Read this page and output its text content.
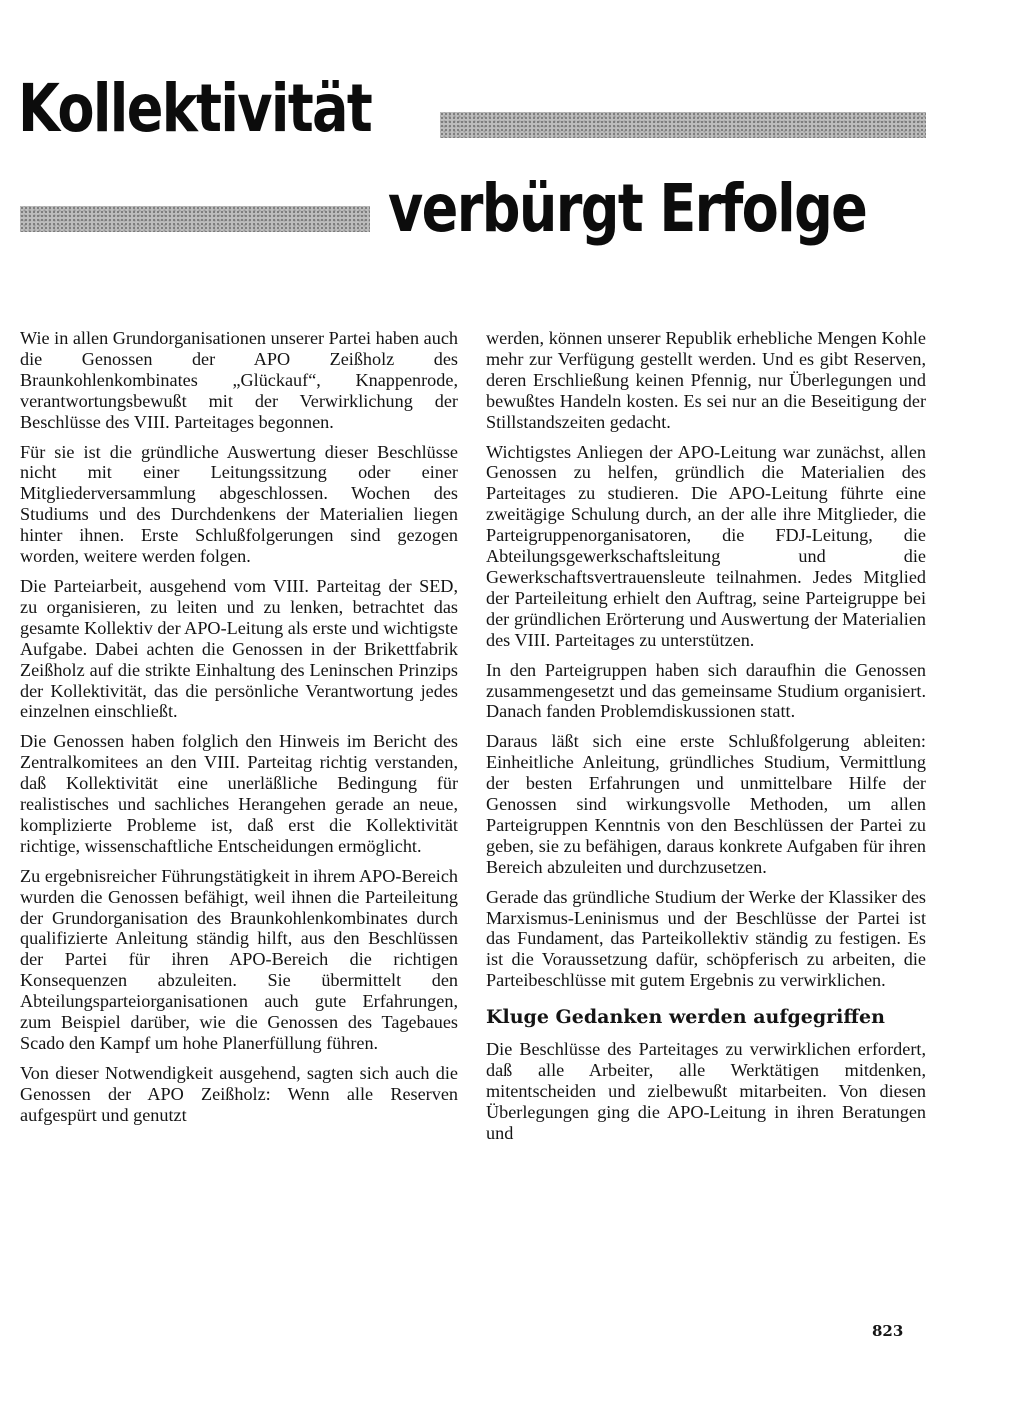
Kollektivität
verbürgt Erfolge

Wie in allen Grundorganisationen unserer Partei haben auch die Genossen der APO Zeißholz des Braunkohlenkombinates „Glückauf“, Knappenrode, verantwortungsbewußt mit der Verwirklichung der Beschlüsse des VIII. Parteitages begonnen.

Für sie ist die gründliche Auswertung dieser Beschlüsse nicht mit einer Leitungssitzung oder einer Mitgliederversammlung abgeschlossen. Wochen des Studiums und des Durchdenkens der Materialien liegen hinter ihnen. Erste Schlußfolgerungen sind gezogen worden, weitere werden folgen.

Die Parteiarbeit, ausgehend vom VIII. Parteitag der SED, zu organisieren, zu leiten und zu lenken, betrachtet das gesamte Kollektiv der APO-Leitung als erste und wichtigste Aufgabe. Dabei achten die Genossen in der Brikettfabrik Zeißholz auf die strikte Einhaltung des Leninschen Prinzips der Kollektivität, das die persönliche Verantwortung jedes einzelnen einschließt.

Die Genossen haben folglich den Hinweis im Bericht des Zentralkomitees an den VIII. Parteitag richtig verstanden, daß Kollektivität eine unerläßliche Bedingung für realistisches und sachliches Herangehen gerade an neue, komplizierte Probleme ist, daß erst die Kollektivität richtige, wissenschaftliche Entscheidungen ermöglicht.

Zu ergebnisreicher Führungstätigkeit in ihrem APO-Bereich wurden die Genossen befähigt, weil ihnen die Parteileitung der Grundorganisation des Braunkohlenkombinates durch qualifizierte Anleitung ständig hilft, aus den Beschlüssen der Partei für ihren APO-Bereich die richtigen Konsequenzen abzuleiten. Sie übermittelt den Abteilungsparteiorganisationen auch gute Erfahrungen, zum Beispiel darüber, wie die Genossen des Tagebaues Scado den Kampf um hohe Planerfüllung führen.

Von dieser Notwendigkeit ausgehend, sagten sich auch die Genossen der APO Zeißholz: Wenn alle Reserven aufgespürt und genutzt

werden, können unserer Republik erhebliche Mengen Kohle mehr zur Verfügung gestellt werden. Und es gibt Reserven, deren Erschließung keinen Pfennig, nur Überlegungen und bewußtes Handeln kosten. Es sei nur an die Beseitigung der Stillstandszeiten gedacht.

Wichtigstes Anliegen der APO-Leitung war zunächst, allen Genossen zu helfen, gründlich die Materialien des Parteitages zu studieren. Die APO-Leitung führte eine zweitägige Schulung durch, an der alle ihre Mitglieder, die Parteigruppenorganisatoren, die FDJ-Leitung, die Abteilungsgewerkschaftsleitung und die Gewerkschaftsvertrauensleute teilnahmen. Jedes Mitglied der Parteileitung erhielt den Auftrag, seine Parteigruppe bei der gründlichen Erörterung und Auswertung der Materialien des VIII. Parteitages zu unterstützen.

In den Parteigruppen haben sich daraufhin die Genossen zusammengesetzt und das gemeinsame Studium organisiert. Danach fanden Problemdiskussionen statt.

Daraus läßt sich eine erste Schlußfolgerung ableiten: Einheitliche Anleitung, gründliches Studium, Vermittlung der besten Erfahrungen und unmittelbare Hilfe der Genossen sind wirkungsvolle Methoden, um allen Parteigruppen Kenntnis von den Beschlüssen der Partei zu geben, sie zu befähigen, daraus konkrete Aufgaben für ihren Bereich abzuleiten und durchzusetzen.

Gerade das gründliche Studium der Werke der Klassiker des Marxismus-Leninismus und der Beschlüsse der Partei ist das Fundament, das Parteikollektiv ständig zu festigen. Es ist die Voraussetzung dafür, schöpferisch zu arbeiten, die Parteibeschlüsse mit gutem Ergebnis zu verwirklichen.

Kluge Gedanken werden aufgegriffen

Die Beschlüsse des Parteitages zu verwirklichen erfordert, daß alle Arbeiter, alle Werktätigen mitdenken, mitentscheiden und zielbewußt mitarbeiten. Von diesen Überlegungen ging die APO-Leitung in ihren Beratungen und

823
